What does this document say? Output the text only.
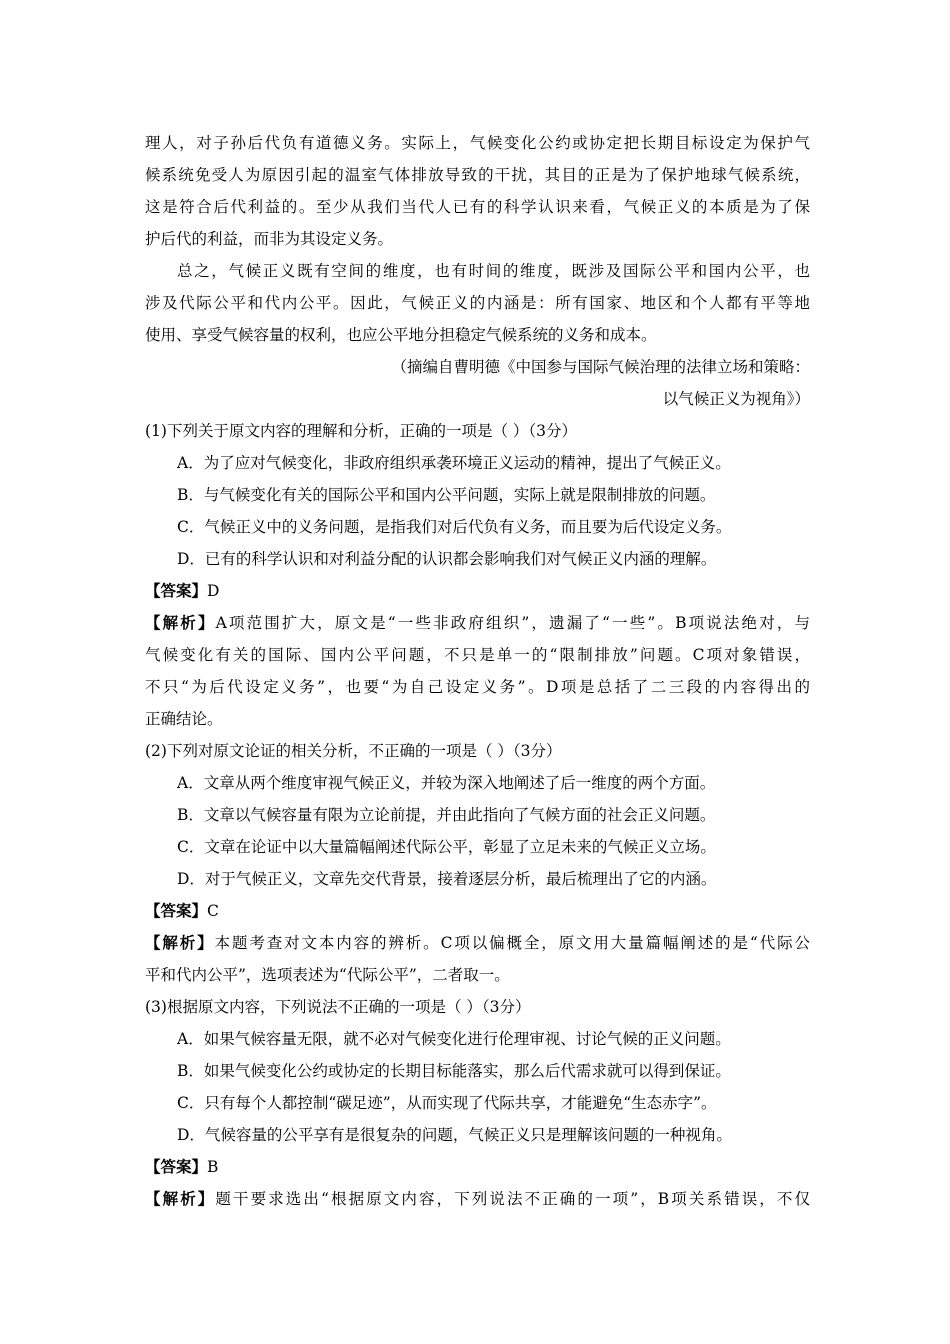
理人，对子孙后代负有道德义务。实际上，气候变化公约或协定把长期目标设定为保护气
候系统免受人为原因引起的温室气体排放导致的干扰，其目的正是为了保护地球气候系统，
这是符合后代利益的。至少从我们当代人已有的科学认识来看，气候正义的本质是为了保
护后代的利益，而非为其设定义务。
总之，气候正义既有空间的维度，也有时间的维度，既涉及国际公平和国内公平，也
涉及代际公平和代内公平。因此，气候正义的内涵是：所有国家、地区和个人都有平等地
使用、享受气候容量的权利，也应公平地分担稳定气候系统的义务和成本。
（摘编自曹明德《中国参与国际气候治理的法律立场和策略：
以气候正义为视角》）
(1)下列关于原文内容的理解和分析，正确的一项是（ ）（3分）
A．为了应对气候变化，非政府组织承袭环境正义运动的精神，提出了气候正义。
B．与气候变化有关的国际公平和国内公平问题，实际上就是限制排放的问题。
C．气候正义中的义务问题，是指我们对后代负有义务，而且要为后代设定义务。
D．已有的科学认识和对利益分配的认识都会影响我们对气候正义内涵的理解。
【答案】D
【解析】A项范围扩大，原文是“一些非政府组织”，遗漏了“一些”。B项说法绝对，与
气候变化有关的国际、国内公平问题，不只是单一的“限制排放”问题。C项对象错误，
不只“为后代设定义务”，也要“为自己设定义务”。D项是总括了二三段的内容得出的
正确结论。
(2)下列对原文论证的相关分析，不正确的一项是（ ）（3分）
A．文章从两个维度审视气候正义，并较为深入地阐述了后一维度的两个方面。
B．文章以气候容量有限为立论前提，并由此指向了气候方面的社会正义问题。
C．文章在论证中以大量篇幅阐述代际公平，彰显了立足未来的气候正义立场。
D．对于气候正义，文章先交代背景，接着逐层分析，最后梳理出了它的内涵。
【答案】C
【解析】本题考查对文本内容的辨析。C项以偏概全，原文用大量篇幅阐述的是“代际公
平和代内公平”，选项表述为“代际公平”，二者取一。
(3)根据原文内容，下列说法不正确的一项是（ ）（3分）
A．如果气候容量无限，就不必对气候变化进行伦理审视、讨论气候的正义问题。
B．如果气候变化公约或协定的长期目标能落实，那么后代需求就可以得到保证。
C．只有每个人都控制“碳足迹”，从而实现了代际共享，才能避免“生态赤字”。
D．气候容量的公平享有是很复杂的问题，气候正义只是理解该问题的一种视角。
【答案】B
【解析】题干要求选出“根据原文内容，下列说法不正确的一项”，B项关系错误，不仅
